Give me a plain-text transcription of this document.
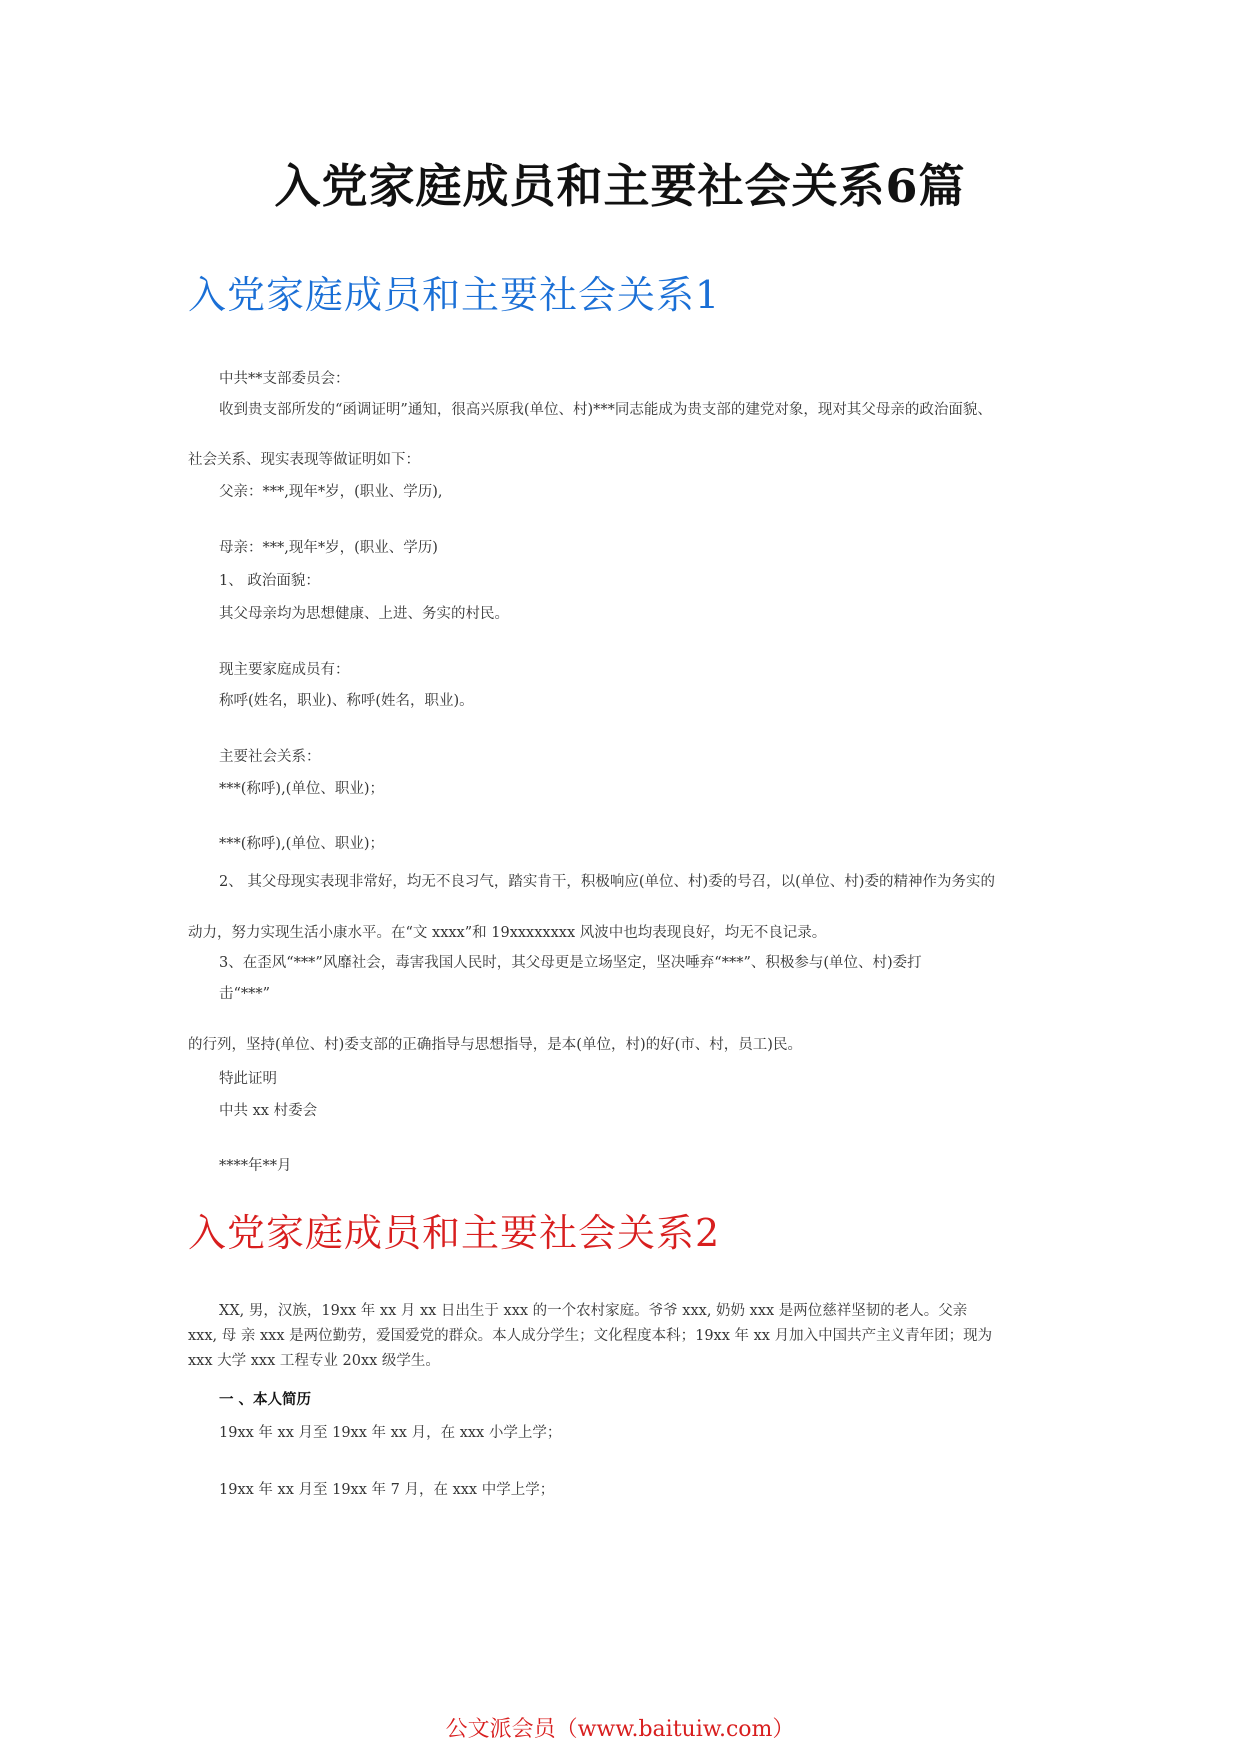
入党家庭成员和主要社会关系6篇
入党家庭成员和主要社会关系1

中共**支部委员会：

收到贵支部所发的“函调证明”通知，很高兴原我(单位、村)***同志能成为贵支部的建党对象，现对其父母亲的政治面貌、

社会关系、现实表现等做证明如下：

父亲：***,现年*岁，(职业、学历),

母亲：***,现年*岁，(职业、学历)

1、 政治面貌：

其父母亲均为思想健康、上进、务实的村民。

现主要家庭成员有：

称呼(姓名，职业)、称呼(姓名，职业)。

主要社会关系：

***(称呼),(单位、职业)；

***(称呼),(单位、职业)；

2、 其父母现实表现非常好，均无不良习气，踏实肯干，积极响应(单位、村)委的号召，以(单位、村)委的精神作为务实的

动力，努力实现生活小康水平。在“文 xxxx”和 19xxxxxxxx 风波中也均表现良好，均无不良记录。

3、在歪风“***”风靡社会，毒害我国人民时，其父母更是立场坚定，坚决唾弃“***”、积极参与(单位、村)委打

击“***”

的行列，坚持(单位、村)委支部的正确指导与思想指导，是本(单位，村)的好(市、村，员工)民。

特此证明

中共 xx 村委会

****年**月

入党家庭成员和主要社会关系2

XX, 男，汉族，19xx 年 xx 月 xx 日出生于 xxx 的一个农村家庭。爷爷 xxx, 奶奶 xxx 是两位慈祥坚韧的老人。父亲

xxx, 母 亲 xxx 是两位勤劳，爱国爱党的群众。本人成分学生；文化程度本科；19xx 年 xx 月加入中国共产主义青年团；现为

xxx 大学 xxx 工程专业 20xx 级学生。

一 、本人简历

19xx 年 xx 月至 19xx 年 xx 月，在 xxx 小学上学；

19xx 年 xx 月至 19xx 年 7 月，在 xxx 中学上学；

公文派会员（www.baituiw.com）
